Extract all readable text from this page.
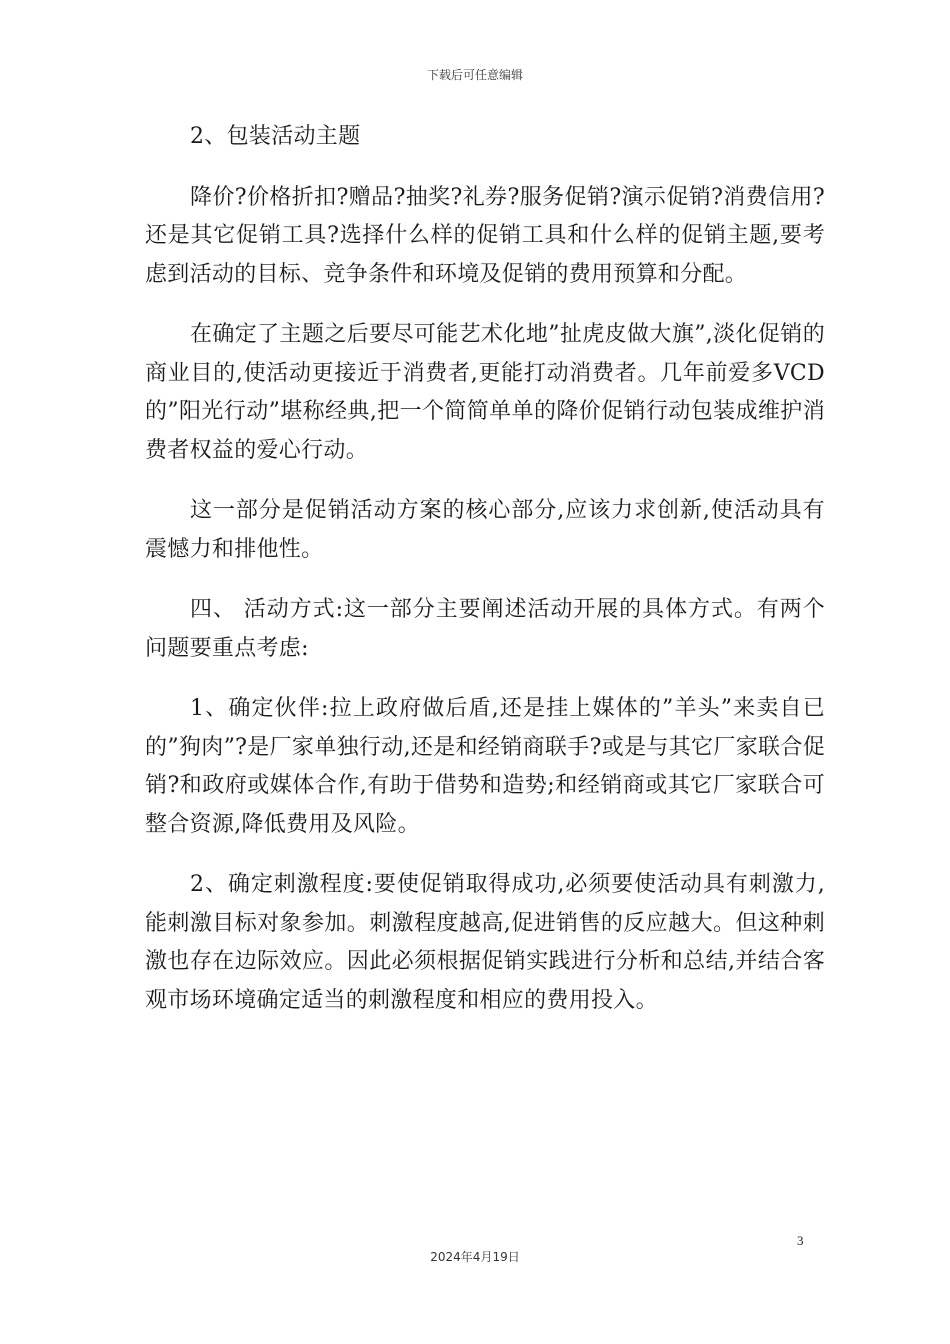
下载后可任意编辑

2、包装活动主题

降价?价格折扣?赠品?抽奖?礼券?服务促销?演示促销?消费信用?还是其它促销工具?选择什么样的促销工具和什么样的促销主题,要考虑到活动的目标、竞争条件和环境及促销的费用预算和分配。

在确定了主题之后要尽可能艺术化地”扯虎皮做大旗”,淡化促销的商业目的,使活动更接近于消费者,更能打动消费者。几年前爱多VCD的”阳光行动”堪称经典,把一个简简单单的降价促销行动包装成维护消费者权益的爱心行动。

这一部分是促销活动方案的核心部分,应该力求创新,使活动具有震憾力和排他性。

四、 活动方式:这一部分主要阐述活动开展的具体方式。有两个问题要重点考虑:

1、确定伙伴:拉上政府做后盾,还是挂上媒体的”羊头”来卖自已的”狗肉”?是厂家单独行动,还是和经销商联手?或是与其它厂家联合促销?和政府或媒体合作,有助于借势和造势;和经销商或其它厂家联合可整合资源,降低费用及风险。

2、确定刺激程度:要使促销取得成功,必须要使活动具有刺激力,能刺激目标对象参加。刺激程度越高,促进销售的反应越大。但这种刺激也存在边际效应。因此必须根据促销实践进行分析和总结,并结合客观市场环境确定适当的刺激程度和相应的费用投入。

3
2024年4月19日
